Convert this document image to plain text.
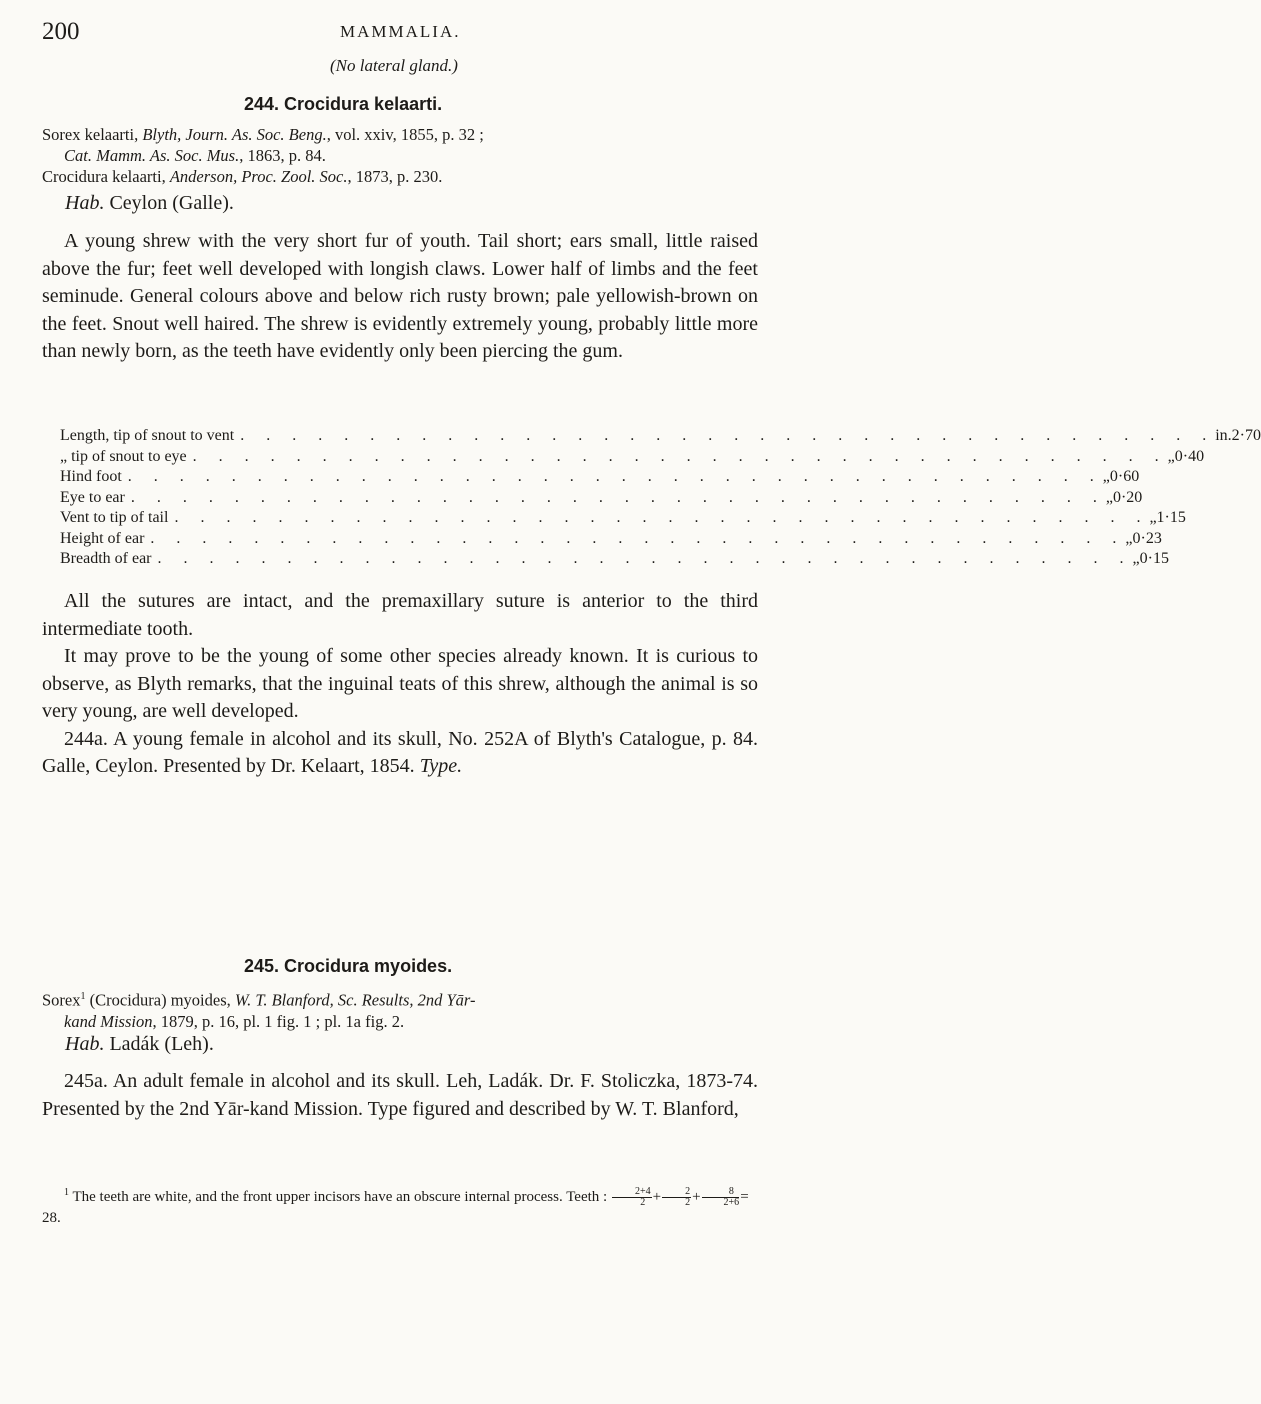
200	MAMMALIA.
(No lateral gland.)
244. Crocidura kelaarti.
Sorex kelaarti, Blyth, Journ. As. Soc. Beng., vol. xxiv, 1855, p. 32 ;
Cat. Mamm. As. Soc. Mus., 1863, p. 84.
Crocidura kelaarti, Anderson, Proc. Zool. Soc., 1873, p. 230.
Hab. Ceylon (Galle).

A young shrew with the very short fur of youth. Tail short; ears small, little raised above the fur; feet well developed with longish claws. Lower half of limbs and the feet seminude. General colours above and below rich rusty brown; pale yellowish-brown on the feet. Snout well haired. The shrew is evidently extremely young, probably little more than newly born, as the teeth have evidently only been piercing the gum.

Length, tip of snout to vent . . . . . . . . . . . . . . . . . . . . . . . . . . . . . . . . . . . . . . in. 2·70
„ tip of snout to eye . . . . . . . . . . . . . . . . . . . . . . . . . . . . . . . . . . . . . . „ 0·40
Hind foot . . . . . . . . . . . . . . . . . . . . . . . . . . . . . . . . . . . . . . „ 0·60
Eye to ear . . . . . . . . . . . . . . . . . . . . . . . . . . . . . . . . . . . . . . „ 0·20
Vent to tip of tail . . . . . . . . . . . . . . . . . . . . . . . . . . . . . . . . . . . . . . „ 1·15
Height of ear . . . . . . . . . . . . . . . . . . . . . . . . . . . . . . . . . . . . . . „ 0·23
Breadth of ear . . . . . . . . . . . . . . . . . . . . . . . . . . . . . . . . . . . . . . „ 0·15

All the sutures are intact, and the premaxillary suture is anterior to the third intermediate tooth.

It may prove to be the young of some other species already known. It is curious to observe, as Blyth remarks, that the inguinal teats of this shrew, although the animal is so very young, are well developed.

244a. A young female in alcohol and its skull, No. 252A of Blyth's Catalogue, p. 84. Galle, Ceylon. Presented by Dr. Kelaart, 1854. Type.

245. Crocidura myoides.
Sorex$^1$ (Crocidura) myoides, W. T. Blanford, Sc. Results, 2nd Yār-
kand Mission, 1879, p. 16, pl. 1 fig. 1 ; pl. 1a fig. 2.
Hab. Ladák (Leh).

245a. An adult female in alcohol and its skull. Leh, Ladák. Dr. F. Stoliczka, 1873-74. Presented by the 2nd Yār-kand Mission. Type figured and described by W. T. Blanford,

$^1$ The teeth are white, and the front upper incisors have an obscure internal process. Teeth : $\frac{2+4}{2} + \frac{2}{2} + \frac{8}{2+6} = 28$.
